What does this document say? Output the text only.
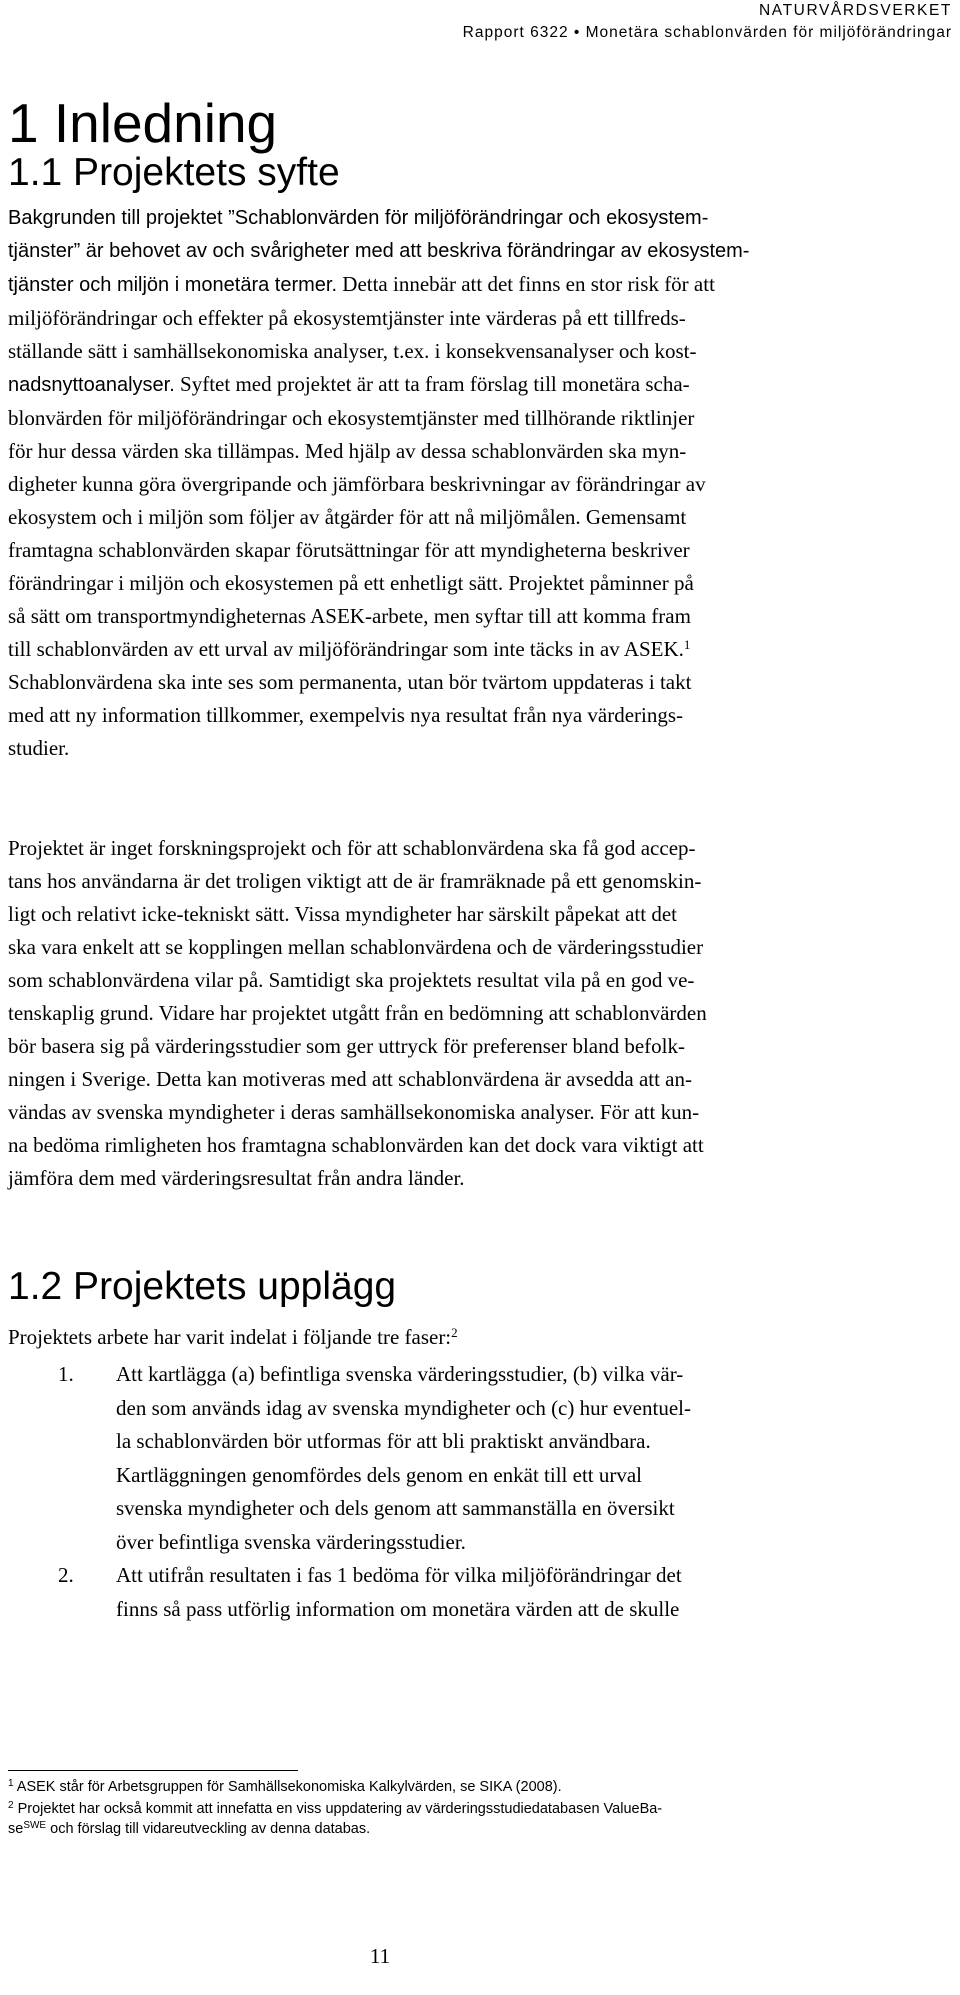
NATURVÅRDSVERKET
Rapport 6322 • Monetära schablonvärden för miljöförändringar
1 Inledning
1.1 Projektets syfte

Bakgrunden till projektet ”Schablonvärden för miljöförändringar och ekosystem-
tjänster” är behovet av och svårigheter med att beskriva förändringar av ekosystem-
tjänster och miljön i monetära termer. Detta innebär att det finns en stor risk för att
miljöförändringar och effekter på ekosystemtjänster inte värderas på ett tillfreds-
ställande sätt i samhällsekonomiska analyser, t.ex. i konsekvensanalyser och kost-
nadsnyttoanalyser. Syftet med projektet är att ta fram förslag till monetära scha-
blonvärden för miljöförändringar och ekosystemtjänster med tillhörande riktlinjer
för hur dessa värden ska tillämpas. Med hjälp av dessa schablonvärden ska myn-
digheter kunna göra övergripande och jämförbara beskrivningar av förändringar av
ekosystem och i miljön som följer av åtgärder för att nå miljömålen. Gemensamt
framtagna schablonvärden skapar förutsättningar för att myndigheterna beskriver
förändringar i miljön och ekosystemen på ett enhetligt sätt. Projektet påminner på
så sätt om transportmyndigheternas ASEK-arbete, men syftar till att komma fram
till schablonvärden av ett urval av miljöförändringar som inte täcks in av ASEK.$^1$
Schablonvärdena ska inte ses som permanenta, utan bör tvärtom uppdateras i takt
med att ny information tillkommer, exempelvis nya resultat från nya värderings-
studier.

Projektet är inget forskningsprojekt och för att schablonvärdena ska få god accep-
tans hos användarna är det troligen viktigt att de är framräknade på ett genomskin-
ligt och relativt icke-tekniskt sätt. Vissa myndigheter har särskilt påpekat att det
ska vara enkelt att se kopplingen mellan schablonvärdena och de värderingsstudier
som schablonvärdena vilar på. Samtidigt ska projektets resultat vila på en god ve-
tenskaplig grund. Vidare har projektet utgått från en bedömning att schablonvärden
bör basera sig på värderingsstudier som ger uttryck för preferenser bland befolk-
ningen i Sverige. Detta kan motiveras med att schablonvärdena är avsedda att an-
vändas av svenska myndigheter i deras samhällsekonomiska analyser. För att kun-
na bedöma rimligheten hos framtagna schablonvärden kan det dock vara viktigt att
jämföra dem med värderingsresultat från andra länder.

1.2 Projektets upplägg
Projektets arbete har varit indelat i följande tre faser:$^2$
1. Att kartlägga (a) befintliga svenska värderingsstudier, (b) vilka vär-
den som används idag av svenska myndigheter och (c) hur eventuel-
la schablonvärden bör utformas för att bli praktiskt användbara.
Kartläggningen genomfördes dels genom en enkät till ett urval
svenska myndigheter och dels genom att sammanställa en översikt
över befintliga svenska värderingsstudier.
2. Att utifrån resultaten i fas 1 bedöma för vilka miljöförändringar det
finns så pass utförlig information om monetära värden att de skulle

$^1$ ASEK står för Arbetsgruppen för Samhällsekonomiska Kalkylvärden, se SIKA (2008).

$^2$ Projektet har också kommit att innefatta en viss uppdatering av värderingsstudiedatabasen ValueBa-
$se^{SWE}$ och förslag till vidareutveckling av denna databas.

11
